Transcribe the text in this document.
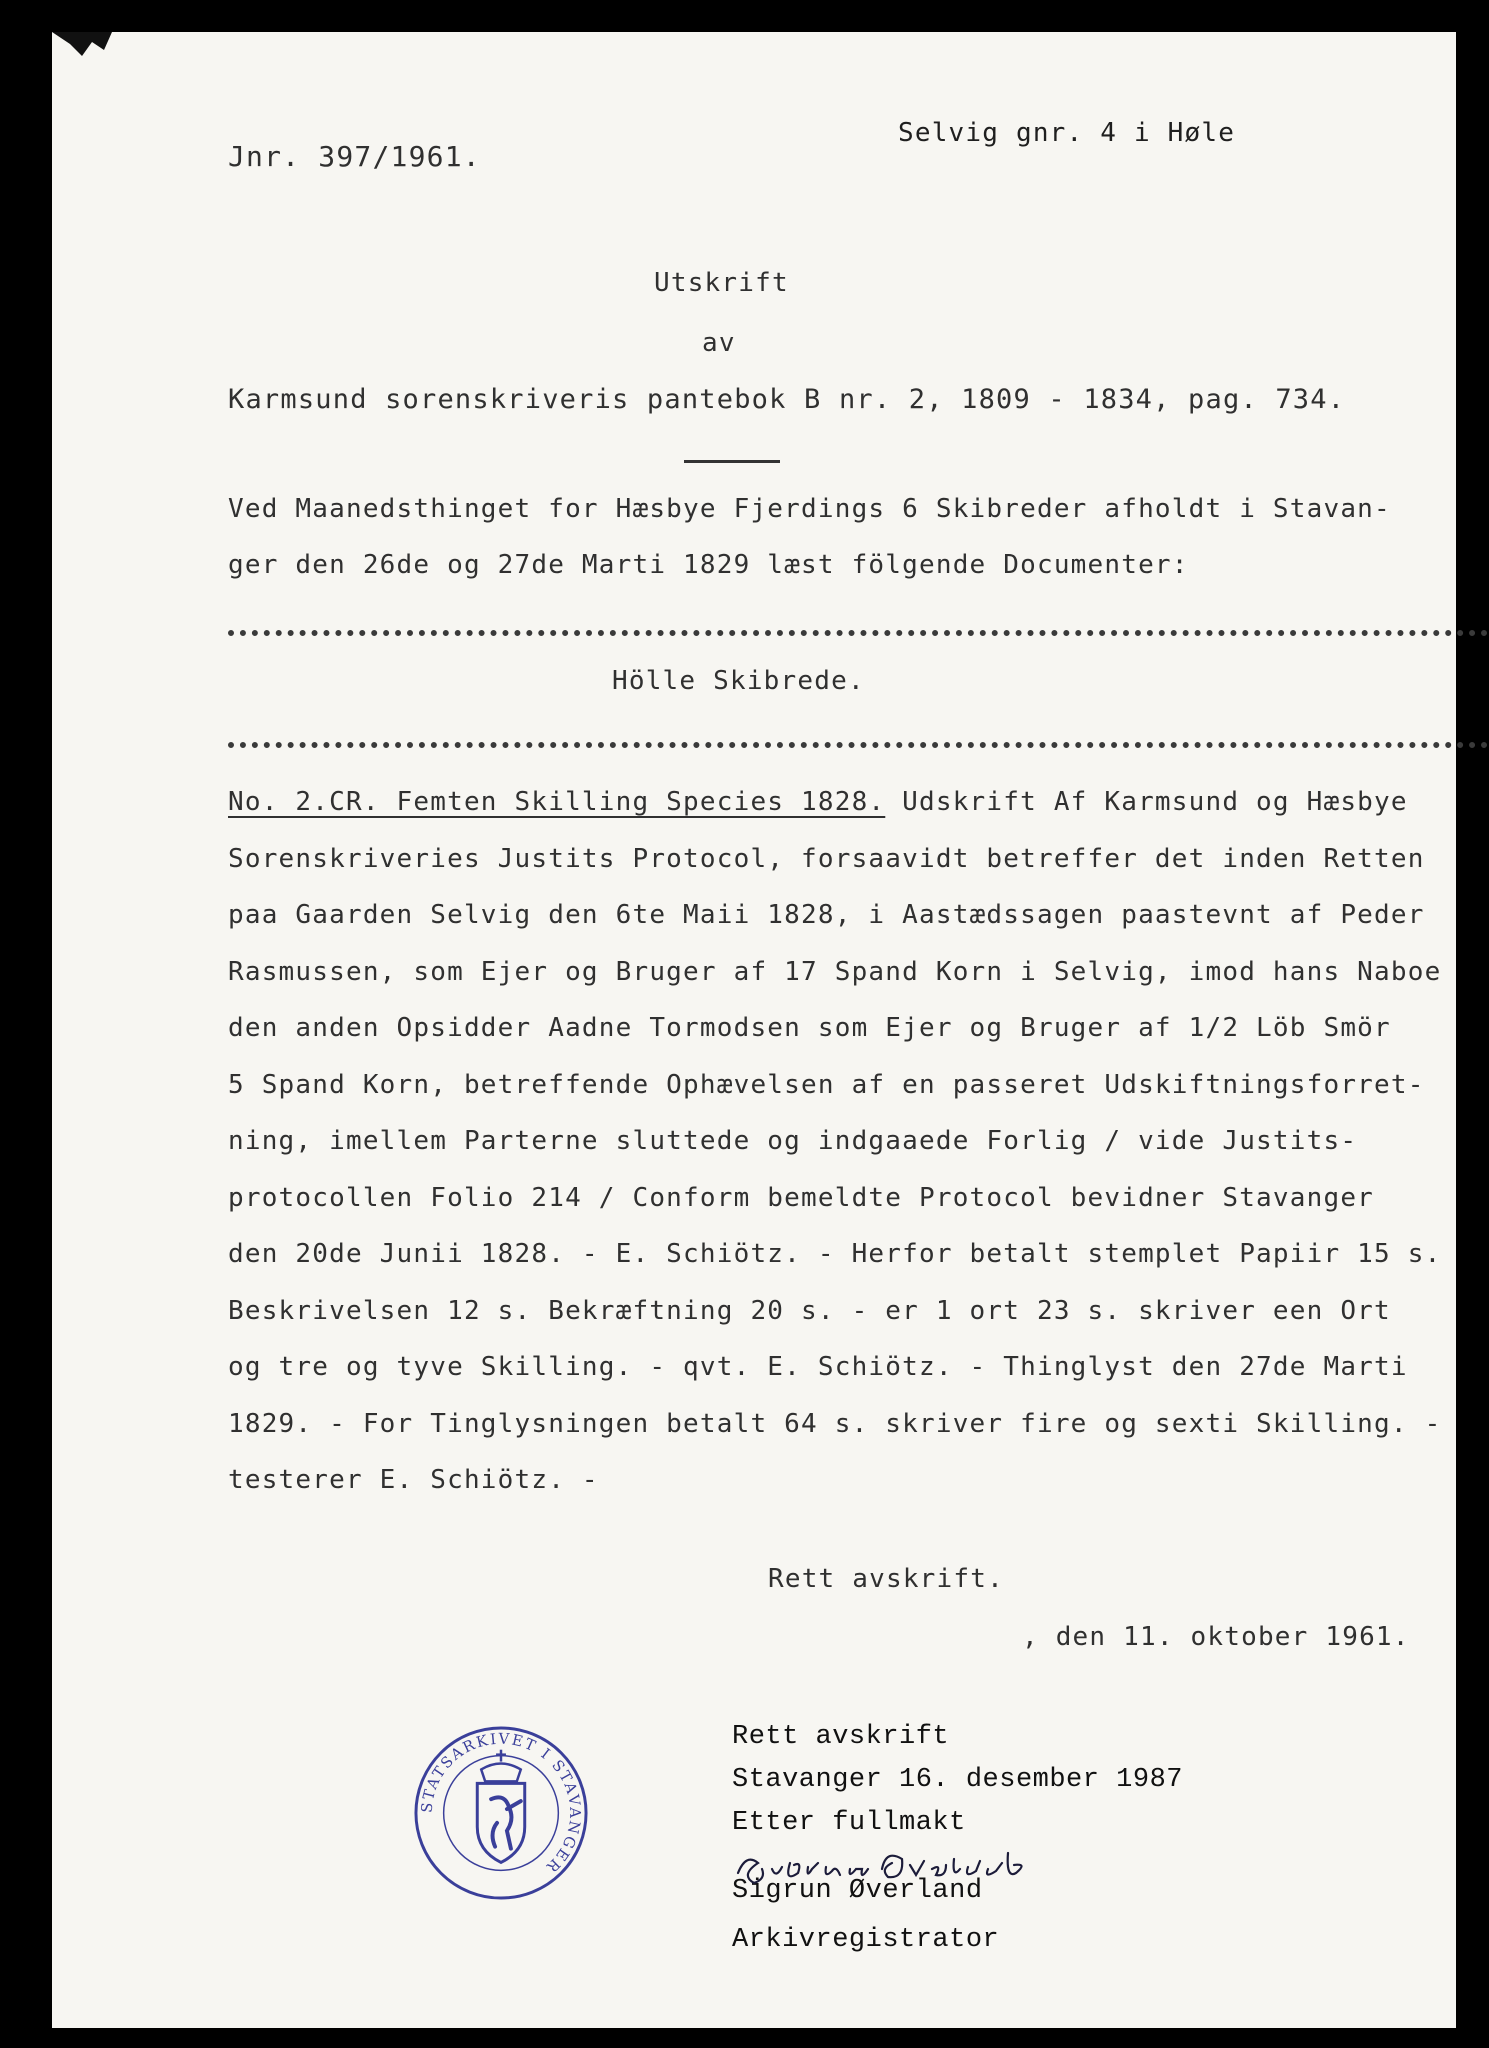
Jnr. 397/1961.
Selvig gnr. 4 i Høle
Utskrift
av
Karmsund sorenskriveris pantebok B nr. 2, 1809 - 1834, pag. 734.
Ved Maanedsthinget for Hæsbye Fjerdings 6 Skibreder afholdt i Stavan-
ger den 26de og 27de Marti 1829 læst fölgende Documenter:
Hölle Skibrede.
No. 2.CR. Femten Skilling Species 1828. Udskrift Af Karmsund og Hæsbye
Sorenskriveries Justits Protocol, forsaavidt betreffer det inden Retten
paa Gaarden Selvig den 6te Maii 1828, i Aastædssagen paastevnt af Peder
Rasmussen, som Ejer og Bruger af 17 Spand Korn i Selvig, imod hans Naboe
den anden Opsidder Aadne Tormodsen som Ejer og Bruger af 1/2 Löb Smör
5 Spand Korn, betreffende Ophævelsen af en passeret Udskiftningsforret-
ning, imellem Parterne sluttede og indgaaede Forlig / vide Justits-
protocollen Folio 214 / Conform bemeldte Protocol bevidner Stavanger
den 20de Junii 1828. - E. Schiötz. - Herfor betalt stemplet Papiir 15 s.
Beskrivelsen 12 s. Bekræftning 20 s. - er 1 ort 23 s. skriver een Ort
og tre og tyve Skilling. - qvt. E. Schiötz. - Thinglyst den 27de Marti
1829. - For Tinglysningen betalt 64 s. skriver fire og sexti Skilling. -
testerer E. Schiötz. -
Rett avskrift.
, den 11. oktober 1961.
STATSARKIVET I STAVANGER
Rett avskrift
Stavanger 16. desember 1987
Etter fullmakt
Sigrun Øverland
Arkivregistrator
